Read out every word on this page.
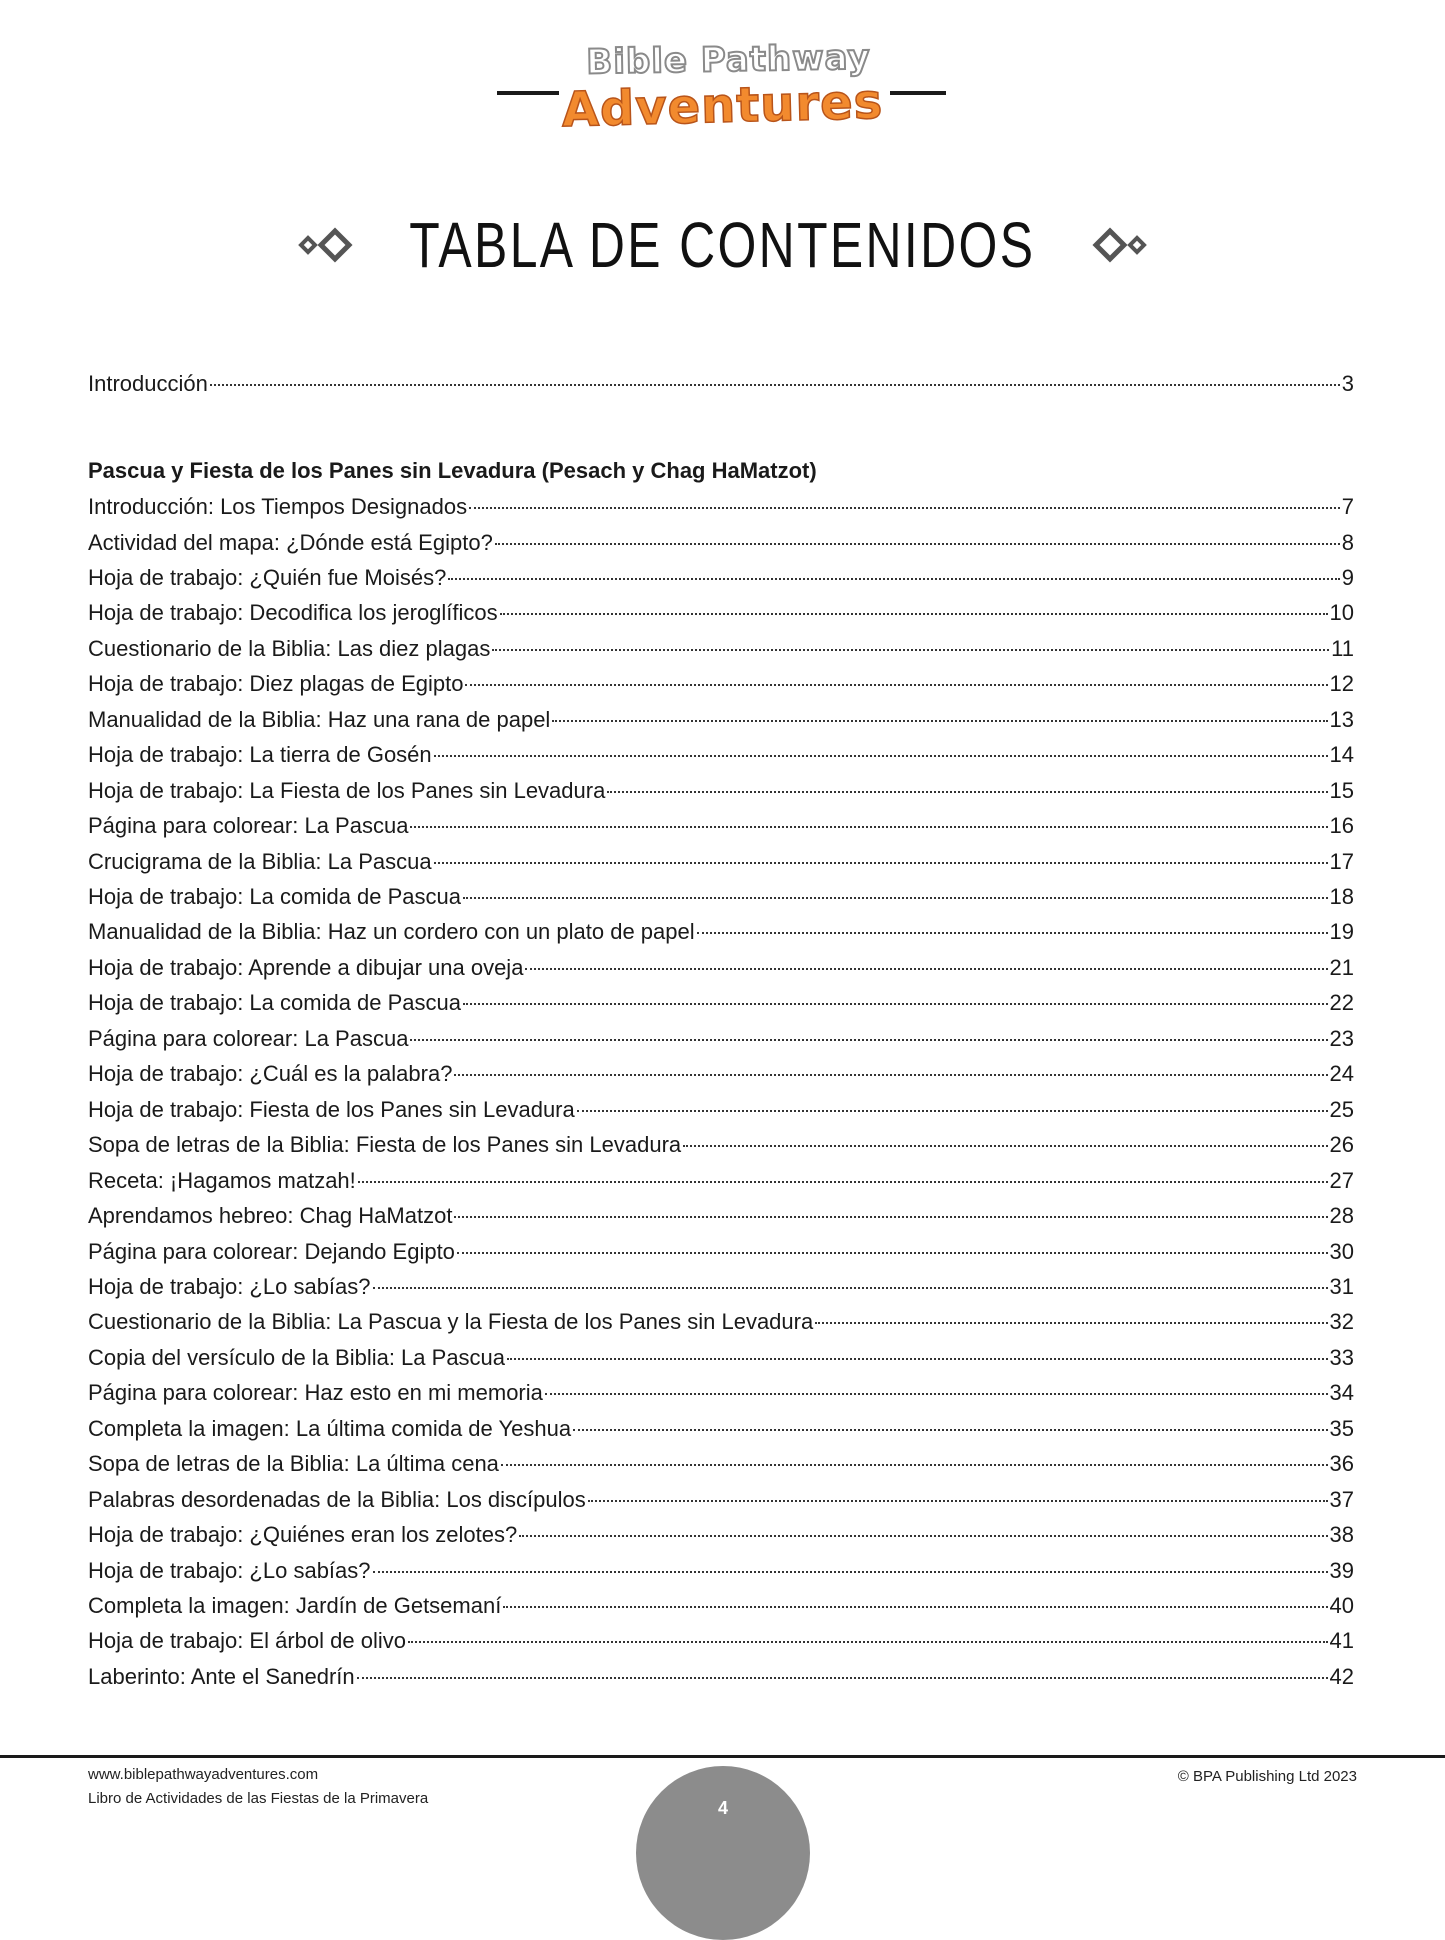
Bible Pathway
Adventures
TABLA DE CONTENIDOS
Introducción	3
Pascua y Fiesta de los Panes sin Levadura (Pesach y Chag HaMatzot)
Introducción: Los Tiempos Designados	7
Actividad del mapa: ¿Dónde está Egipto?	8
Hoja de trabajo: ¿Quién fue Moisés?	9
Hoja de trabajo: Decodifica los jeroglíficos	10
Cuestionario de la Biblia: Las diez plagas	11
Hoja de trabajo: Diez plagas de Egipto	12
Manualidad de la Biblia: Haz una rana de papel	13
Hoja de trabajo: La tierra de Gosén	14
Hoja de trabajo: La Fiesta de los Panes sin Levadura	15
Página para colorear: La Pascua	16
Crucigrama de la Biblia: La Pascua	17
Hoja de trabajo: La comida de Pascua	18
Manualidad de la Biblia: Haz un cordero con un plato de papel	19
Hoja de trabajo: Aprende a dibujar una oveja	21
Hoja de trabajo: La comida de Pascua	22
Página para colorear: La Pascua	23
Hoja de trabajo: ¿Cuál es la palabra?	24
Hoja de trabajo: Fiesta de los Panes sin Levadura	25
Sopa de letras de la Biblia: Fiesta de los Panes sin Levadura	26
Receta: ¡Hagamos matzah!	27
Aprendamos hebreo: Chag HaMatzot	28
Página para colorear: Dejando Egipto	30
Hoja de trabajo: ¿Lo sabías?	31
Cuestionario de la Biblia: La Pascua y la Fiesta de los Panes sin Levadura	32
Copia del versículo de la Biblia: La Pascua	33
Página para colorear: Haz esto en mi memoria	34
Completa la imagen: La última comida de Yeshua	35
Sopa de letras de la Biblia: La última cena	36
Palabras desordenadas de la Biblia: Los discípulos	37
Hoja de trabajo: ¿Quiénes eran los zelotes?	38
Hoja de trabajo: ¿Lo sabías?	39
Completa la imagen: Jardín de Getsemaní	40
Hoja de trabajo: El árbol de olivo	41
Laberinto: Ante el Sanedrín	42
www.biblepathwayadventures.com
Libro de Actividades de las Fiestas de la Primavera
© BPA Publishing Ltd 2023
4
